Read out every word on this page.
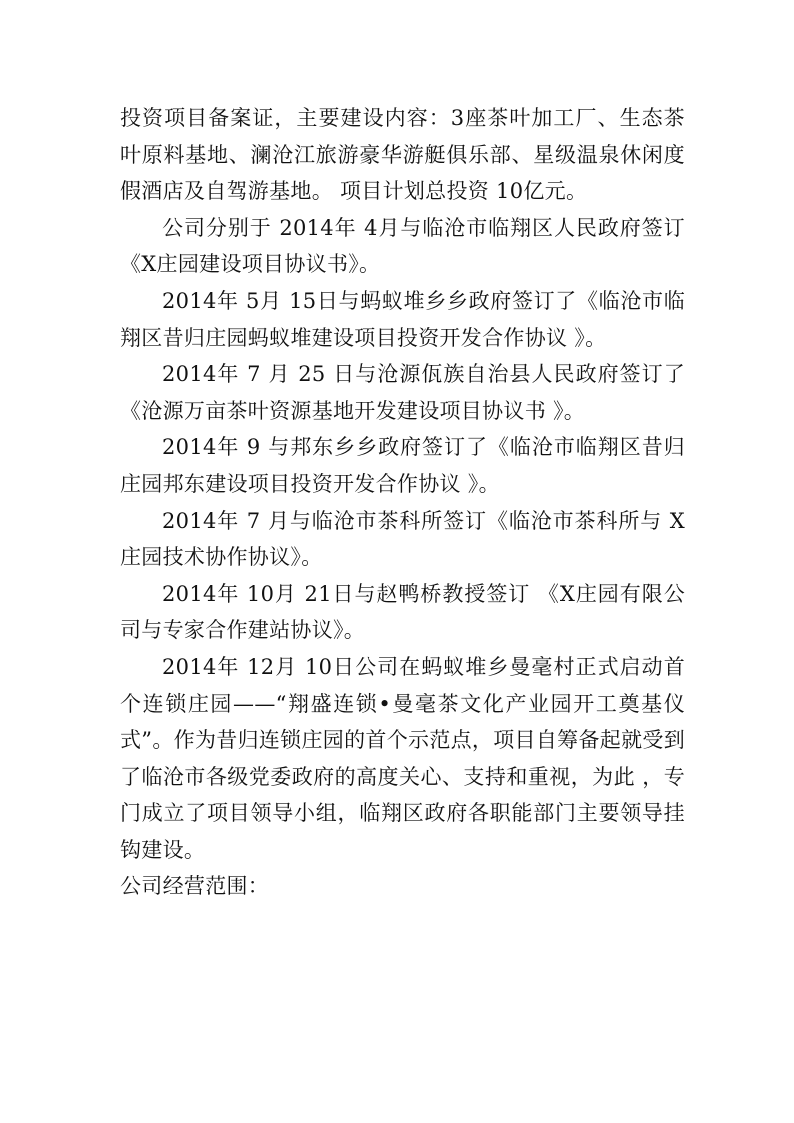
投资项目备案证，主要建设内容：3座茶叶加工厂、生态茶叶原料基地、澜沧江旅游豪华游艇俱乐部、星级温泉休闲度假酒店及自驾游基地。 项目计划总投资 10亿元。

公司分别于 2014年 4月与临沧市临翔区人民政府签订《X庄园建设项目协议书》。

2014年 5月 15日与蚂蚁堆乡乡政府签订了《临沧市临翔区昔归庄园蚂蚁堆建设项目投资开发合作协议 》。

2014年 7 月 25 日与沧源佤族自治县人民政府签订了《沧源万亩茶叶资源基地开发建设项目协议书 》。

2014年 9 与邦东乡乡政府签订了《临沧市临翔区昔归庄园邦东建设项目投资开发合作协议 》。

2014年 7 月与临沧市茶科所签订《临沧市茶科所与 X庄园技术协作协议》。

2014年 10月 21日与赵鸭桥教授签订 《X庄园有限公司与专家合作建站协议》。

2014年 12月 10日公司在蚂蚁堆乡曼毫村正式启动首个连锁庄园——“翔盛连锁•曼毫茶文化产业园开工奠基仪式”。作为昔归连锁庄园的首个示范点，项目自筹备起就受到了临沧市各级党委政府的高度关心、支持和重视，为此 ，专门成立了项目领导小组，临翔区政府各职能部门主要领导挂钩建设。

公司经营范围：
